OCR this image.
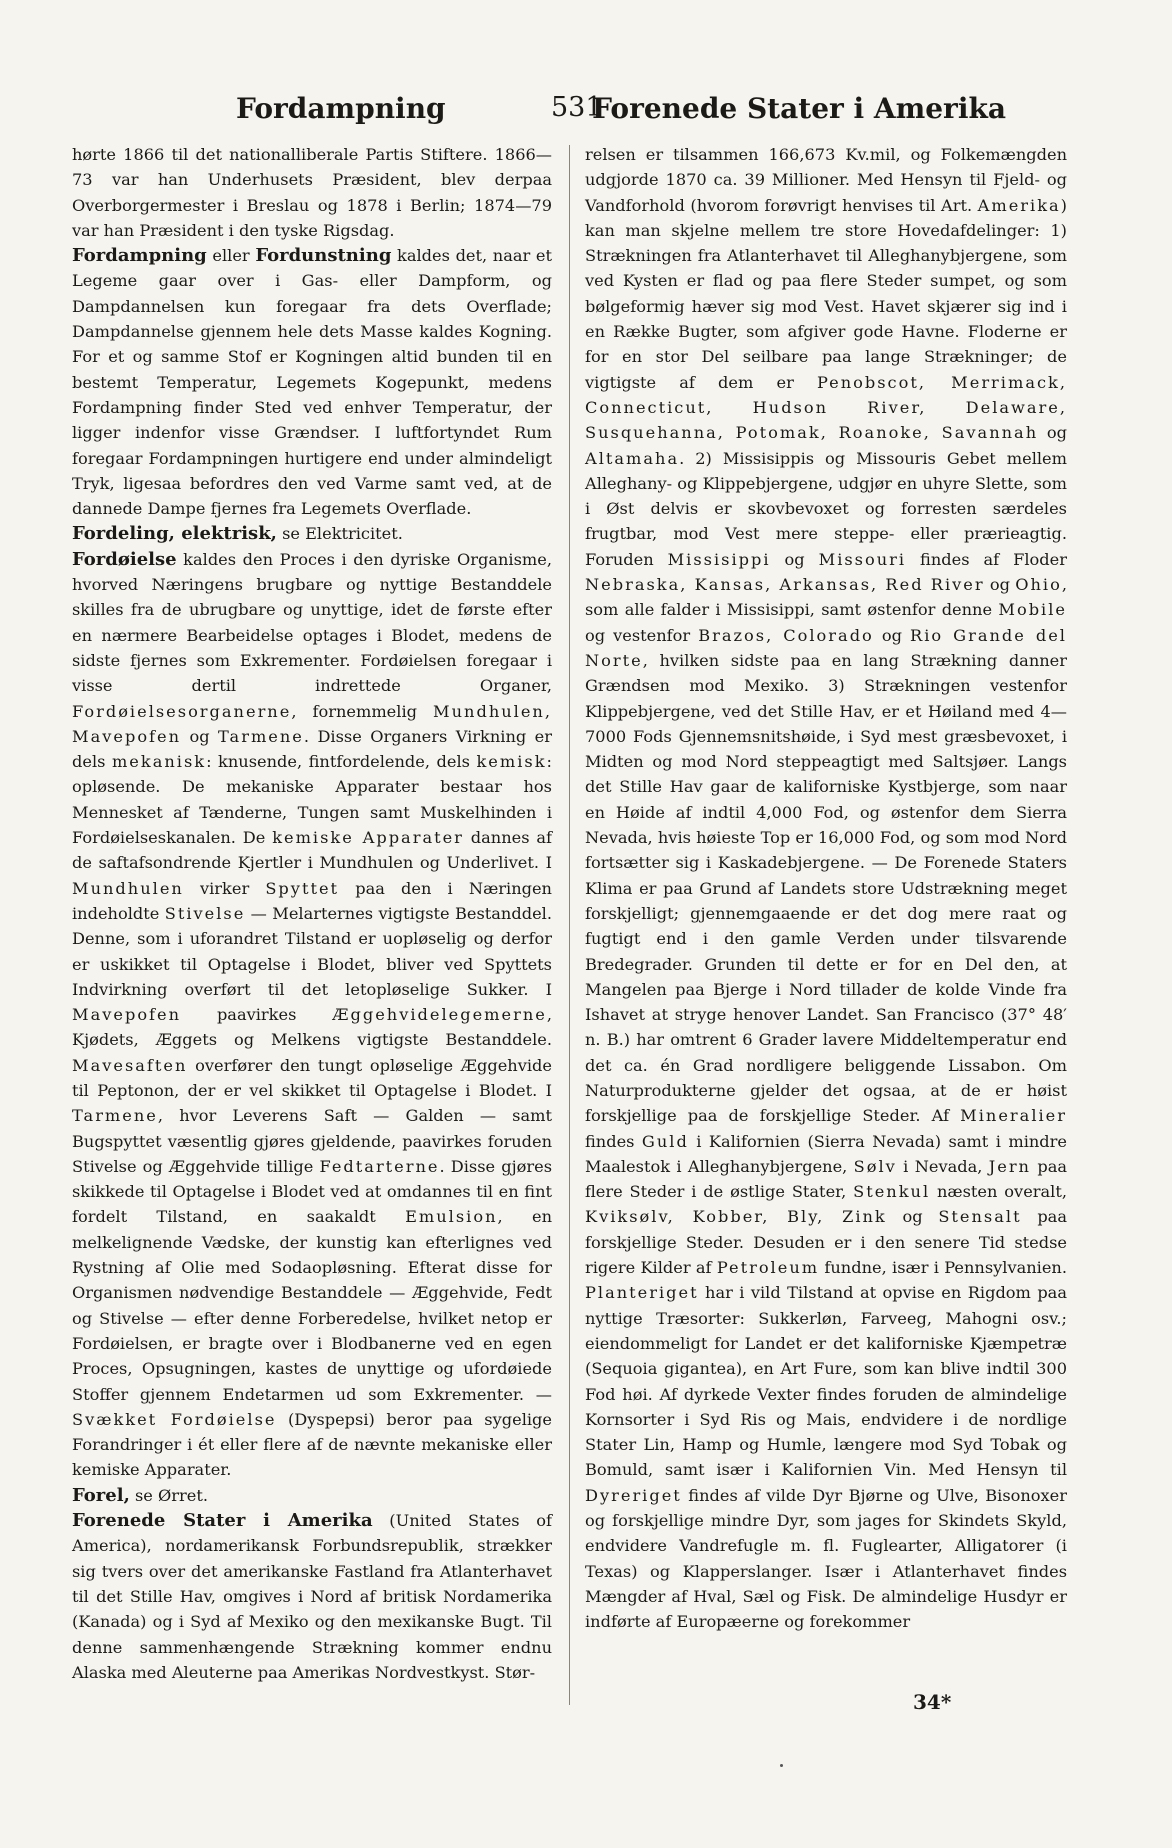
Fordampning	531
Forenede Stater i Amerika

hørte 1866 til det nationalliberale Partis Stiftere. 1866—73 var han Underhusets Præsident, blev derpaa Overborgermester i Breslau og 1878 i Berlin; 1874—79 var han Præsident i den tyske Rigsdag.

Fordampning eller Fordunstning kaldes det, naar et Legeme gaar over i Gas- eller Dampform, og Dampdannelsen kun foregaar fra dets Overflade; Dampdannelse gjennem hele dets Masse kaldes Kogning. For et og samme Stof er Kogningen altid bunden til en bestemt Temperatur, Legemets Kogepunkt, medens Fordampning finder Sted ved enhver Temperatur, der ligger indenfor visse Grændser. I luftfortyndet Rum foregaar Fordampningen hurtigere end under almindeligt Tryk, ligesaa befordres den ved Varme samt ved, at de dannede Dampe fjernes fra Legemets Overflade.

Fordeling, elektrisk, se Elektricitet.

Fordøielse kaldes den Proces i den dyriske Organisme, hvorved Næringens brugbare og nyttige Bestanddele skilles fra de ubrugbare og unyttige, idet de første efter en nærmere Bearbeidelse optages i Blodet, medens de sidste fjernes som Exkrementer. Fordøielsen foregaar i visse dertil indrettede Organer, Fordøielsesorganerne, fornemmelig Mundhulen, Mavepofen og Tarmene. Disse Organers Virkning er dels mekanisk: knusende, fintfordelende, dels kemisk: opløsende. De mekaniske Apparater bestaar hos Mennesket af Tænderne, Tungen samt Muskelhinden i Fordøielseskanalen. De kemiske Apparater dannes af de saftafsondrende Kjertler i Mundhulen og Underlivet. I Mundhulen virker Spyttet paa den i Næringen indeholdte Stivelse — Melarternes vigtigste Bestanddel. Denne, som i uforandret Tilstand er uopløselig og derfor er uskikket til Optagelse i Blodet, bliver ved Spyttets Indvirkning overført til det letopløselige Sukker. I Mavepofen paavirkes Æggehvidelegemerne, Kjødets, Æggets og Melkens vigtigste Bestanddele. Mavesaften overfører den tungt opløselige Æggehvide til Peptonon, der er vel skikket til Optagelse i Blodet. I Tarmene, hvor Leverens Saft — Galden — samt Bugspyttet væsentlig gjøres gjeldende, paavirkes foruden Stivelse og Æggehvide tillige Fedtarterne. Disse gjøres skikkede til Optagelse i Blodet ved at omdannes til en fint fordelt Tilstand, en saakaldt Emulsion, en melkelignende Vædske, der kunstig kan efterlignes ved Rystning af Olie med Sodaopløsning. Efterat disse for Organismen nødvendige Bestanddele — Æggehvide, Fedt og Stivelse — efter denne Forberedelse, hvilket netop er Fordøielsen, er bragte over i Blodbanerne ved en egen Proces, Opsugningen, kastes de unyttige og ufordøiede Stoffer gjennem Endetarmen ud som Exkrementer. — Svækket Fordøielse (Dyspepsi) beror paa sygelige Forandringer i ét eller flere af de nævnte mekaniske eller kemiske Apparater.

Forel, se Ørret.

Forenede Stater i Amerika (United States of America), nordamerikansk Forbundsrepublik, strækker sig tvers over det amerikanske Fastland fra Atlanterhavet til det Stille Hav, omgives i Nord af britisk Nordamerika (Kanada) og i Syd af Mexiko og den mexikanske Bugt. Til denne sammenhængende Strækning kommer endnu Alaska med Aleuterne paa Amerikas Nordvestkyst. Stør-

relsen er tilsammen 166,673 Kv.mil, og Folkemængden udgjorde 1870 ca. 39 Millioner. Med Hensyn til Fjeld- og Vandforhold (hvorom forøvrigt henvises til Art. Amerika) kan man skjelne mellem tre store Hovedafdelinger: 1) Strækningen fra Atlanterhavet til Alleghanybjergene, som ved Kysten er flad og paa flere Steder sumpet, og som bølgeformig hæver sig mod Vest. Havet skjærer sig ind i en Række Bugter, som afgiver gode Havne. Floderne er for en stor Del seilbare paa lange Strækninger; de vigtigste af dem er Penobscot, Merrimack, Connecticut, Hudson River, Delaware, Susquehanna, Potomak, Roanoke, Savannah og Altamaha. 2) Missisippis og Missouris Gebet mellem Alleghany- og Klippebjergene, udgjør en uhyre Slette, som i Øst delvis er skovbevoxet og forresten særdeles frugtbar, mod Vest mere steppe- eller prærieagtig. Foruden Missisippi og Missouri findes af Floder Nebraska, Kansas, Arkansas, Red River og Ohio, som alle falder i Missisippi, samt østenfor denne Mobile og vestenfor Brazos, Colorado og Rio Grande del Norte, hvilken sidste paa en lang Strækning danner Grændsen mod Mexiko. 3) Strækningen vestenfor Klippebjergene, ved det Stille Hav, er et Høiland med 4—7000 Fods Gjennemsnitshøide, i Syd mest græsbevoxet, i Midten og mod Nord steppeagtigt med Saltsjøer. Langs det Stille Hav gaar de kaliforniske Kystbjerge, som naar en Høide af indtil 4,000 Fod, og østenfor dem Sierra Nevada, hvis høieste Top er 16,000 Fod, og som mod Nord fortsætter sig i Kaskadebjergene. — De Forenede Staters Klima er paa Grund af Landets store Udstrækning meget forskjelligt; gjennemgaaende er det dog mere raat og fugtigt end i den gamle Verden under tilsvarende Bredegrader. Grunden til dette er for en Del den, at Mangelen paa Bjerge i Nord tillader de kolde Vinde fra Ishavet at stryge henover Landet. San Francisco (37° 48′ n. B.) har omtrent 6 Grader lavere Middeltemperatur end det ca. én Grad nordligere beliggende Lissabon. Om Naturprodukterne gjelder det ogsaa, at de er høist forskjellige paa de forskjellige Steder. Af Mineralier findes Guld i Kalifornien (Sierra Nevada) samt i mindre Maalestok i Alleghanybjergene, Sølv i Nevada, Jern paa flere Steder i de østlige Stater, Stenkul næsten overalt, Kviksølv, Kobber, Bly, Zink og Stensalt paa forskjellige Steder. Desuden er i den senere Tid stedse rigere Kilder af Petroleum fundne, især i Pennsylvanien. Planteriget har i vild Tilstand at opvise en Rigdom paa nyttige Træsorter: Sukkerløn, Farveeg, Mahogni osv.; eiendommeligt for Landet er det kaliforniske Kjæmpetræ (Sequoia gigantea), en Art Fure, som kan blive indtil 300 Fod høi. Af dyrkede Vexter findes foruden de almindelige Kornsorter i Syd Ris og Mais, endvidere i de nordlige Stater Lin, Hamp og Humle, længere mod Syd Tobak og Bomuld, samt især i Kalifornien Vin. Med Hensyn til Dyreriget findes af vilde Dyr Bjørne og Ulve, Bisonoxer og forskjellige mindre Dyr, som jages for Skindets Skyld, endvidere Vandrefugle m. fl. Fuglearter, Alligatorer (i Texas) og Klapperslanger. Især i Atlanterhavet findes Mængder af Hval, Sæl og Fisk. De almindelige Husdyr er indførte af Europæerne og forekommer

34*
